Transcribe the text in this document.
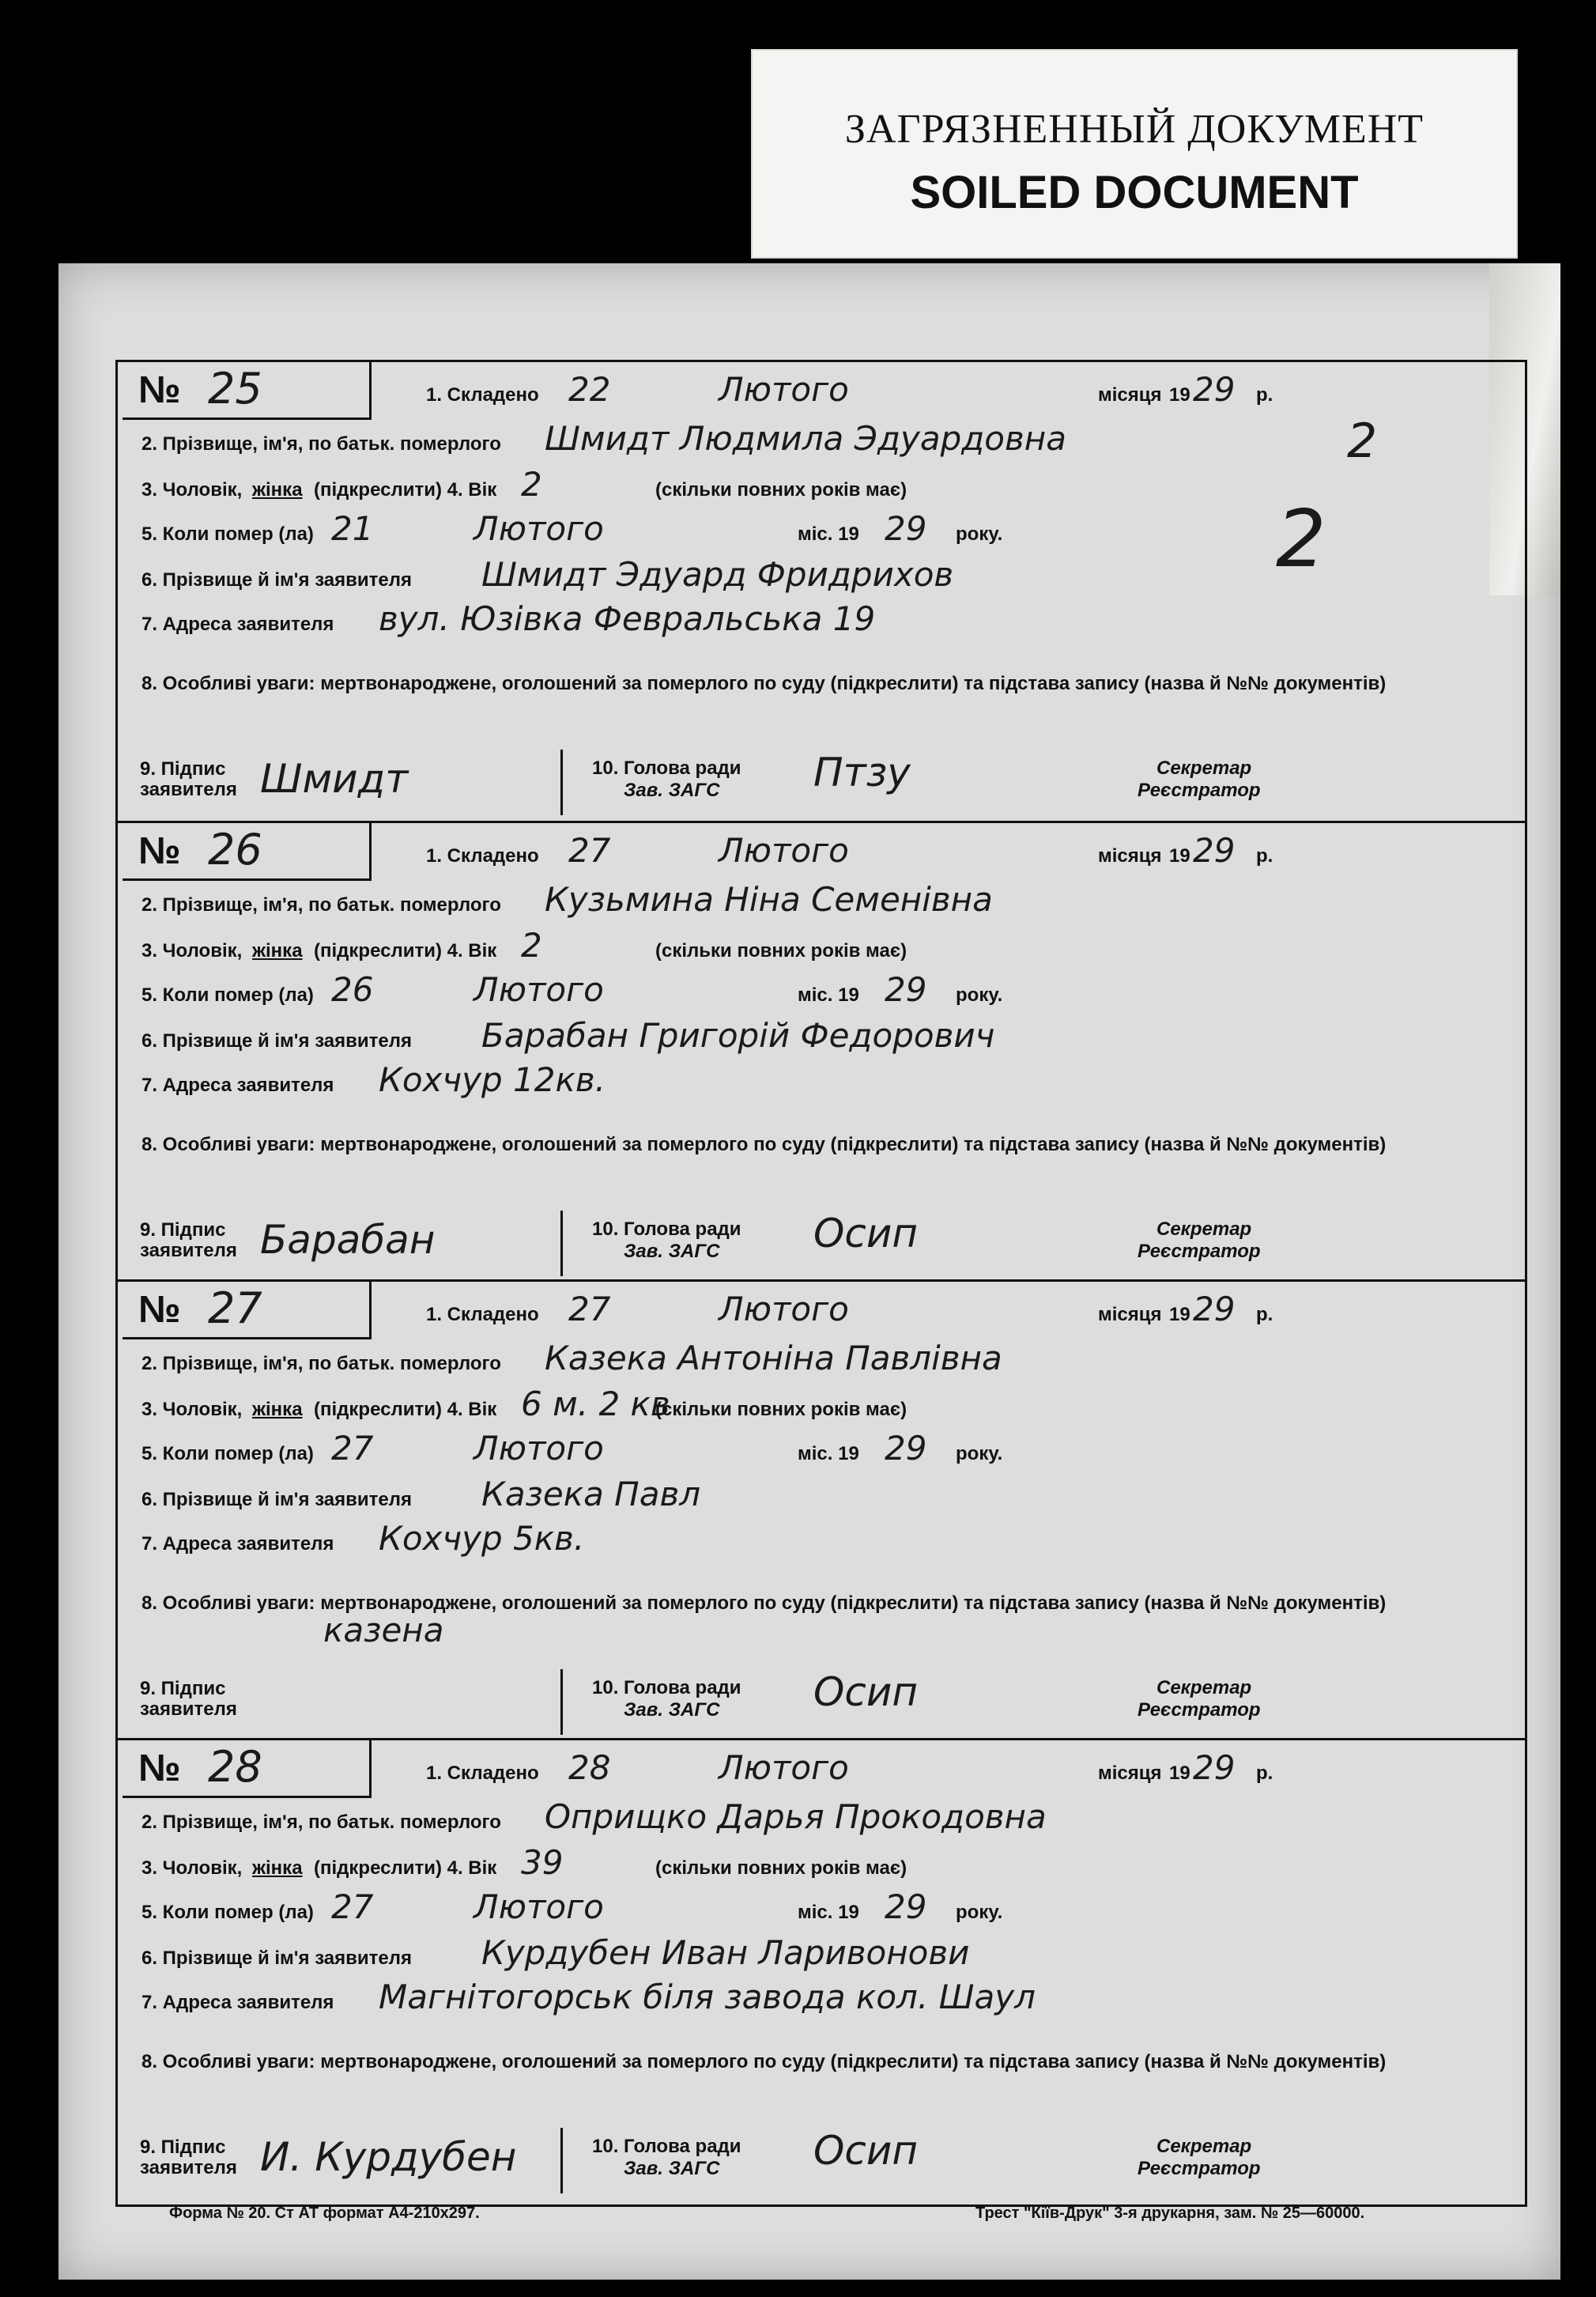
ЗАГРЯЗНЕННЫЙ ДОКУМЕНТ
SOILED DOCUMENT
№ 25	1. Складено 22	Лютого	місяця 19 29 р.
2. Прізвище, ім'я, по батьк. померлого Шмидт Людмила Эдуардовна
3. Чоловік, жінка (підкреслити) 4. Вік 2	(скільки повних років має)
5. Коли помер (ла) 21	Лютого	міс. 19 29 року.
6. Прізвище й ім'я заявителя Шмидт Эдуард Фридрихов
7. Адреса заявителя вул. Юзівка Февральська 19
8. Особливі уваги: мертвонароджене, оголошений за померлого по суду (підкреслити) та підстава запису (назва й №№ документів)
9. Підпис
заявителя Шмидт	10. Голова ради
Зав. ЗАГС	Птзу	Секретар
Реєстратор
№ 26	1. Складено 27	Лютого	місяця 19 29 р.
2. Прізвище, ім'я, по батьк. померлого Кузьмина Ніна Семенівна
3. Чоловік, жінка (підкреслити) 4. Вік 2	(скільки повних років має)
5. Коли помер (ла) 26	Лютого	міс. 19 29 року.
6. Прізвище й ім'я заявителя Барабан Григорій Федорович
7. Адреса заявителя Кохчур 12кв.
8. Особливі уваги: мертвонароджене, оголошений за померлого по суду (підкреслити) та підстава запису (назва й №№ документів)
9. Підпис
заявителя Барабан	10. Голова ради
Зав. ЗАГС	Осип	Секретар
Реєстратор
№ 27	1. Складено 27	Лютого	місяця 19 29 р.
2. Прізвище, ім'я, по батьк. померлого Казека Антоніна Павлівна
3. Чоловік, жінка (підкреслити) 4. Вік 6 м. 2 кв
(скільки повних років має)
5. Коли помер (ла) 27	Лютого	міс. 19 29 року.
6. Прізвище й ім'я заявителя Казека Павл
7. Адреса заявителя Кохчур 5кв.
8. Особливі уваги: мертвонароджене, оголошений за померлого по суду (підкреслити) та підстава запису (назва й №№ документів)
казена
9. Підпис
заявителя
10. Голова ради
Зав. ЗАГС	Осип	Секретар
Реєстратор
№ 28	1. Складено 28	Лютого	місяця 19 29 р.
2. Прізвище, ім'я, по батьк. померлого Оприщко Дарья Прокодовна
3. Чоловік, жінка (підкреслити) 4. Вік 39	(скільки повних років має)
5. Коли помер (ла) 27	Лютого	міс. 19 29 року.
6. Прізвище й ім'я заявителя Курдубен Иван Ларивонови
7. Адреса заявителя Магнітогорськ біля завода кол. Шаул
8. Особливі уваги: мертвонароджене, оголошений за померлого по суду (підкреслити) та підстава запису (назва й №№ документів)
9. Підпис
заявителя И. Курдубен	10. Голова ради
Зав. ЗАГС	Осип	Секретар
Реєстратор
2
2
Форма № 20. Ст АТ формат А4-210х297.	Трест "Кіїв-Друк" 3-я друкарня, зам. № 25—60000.
